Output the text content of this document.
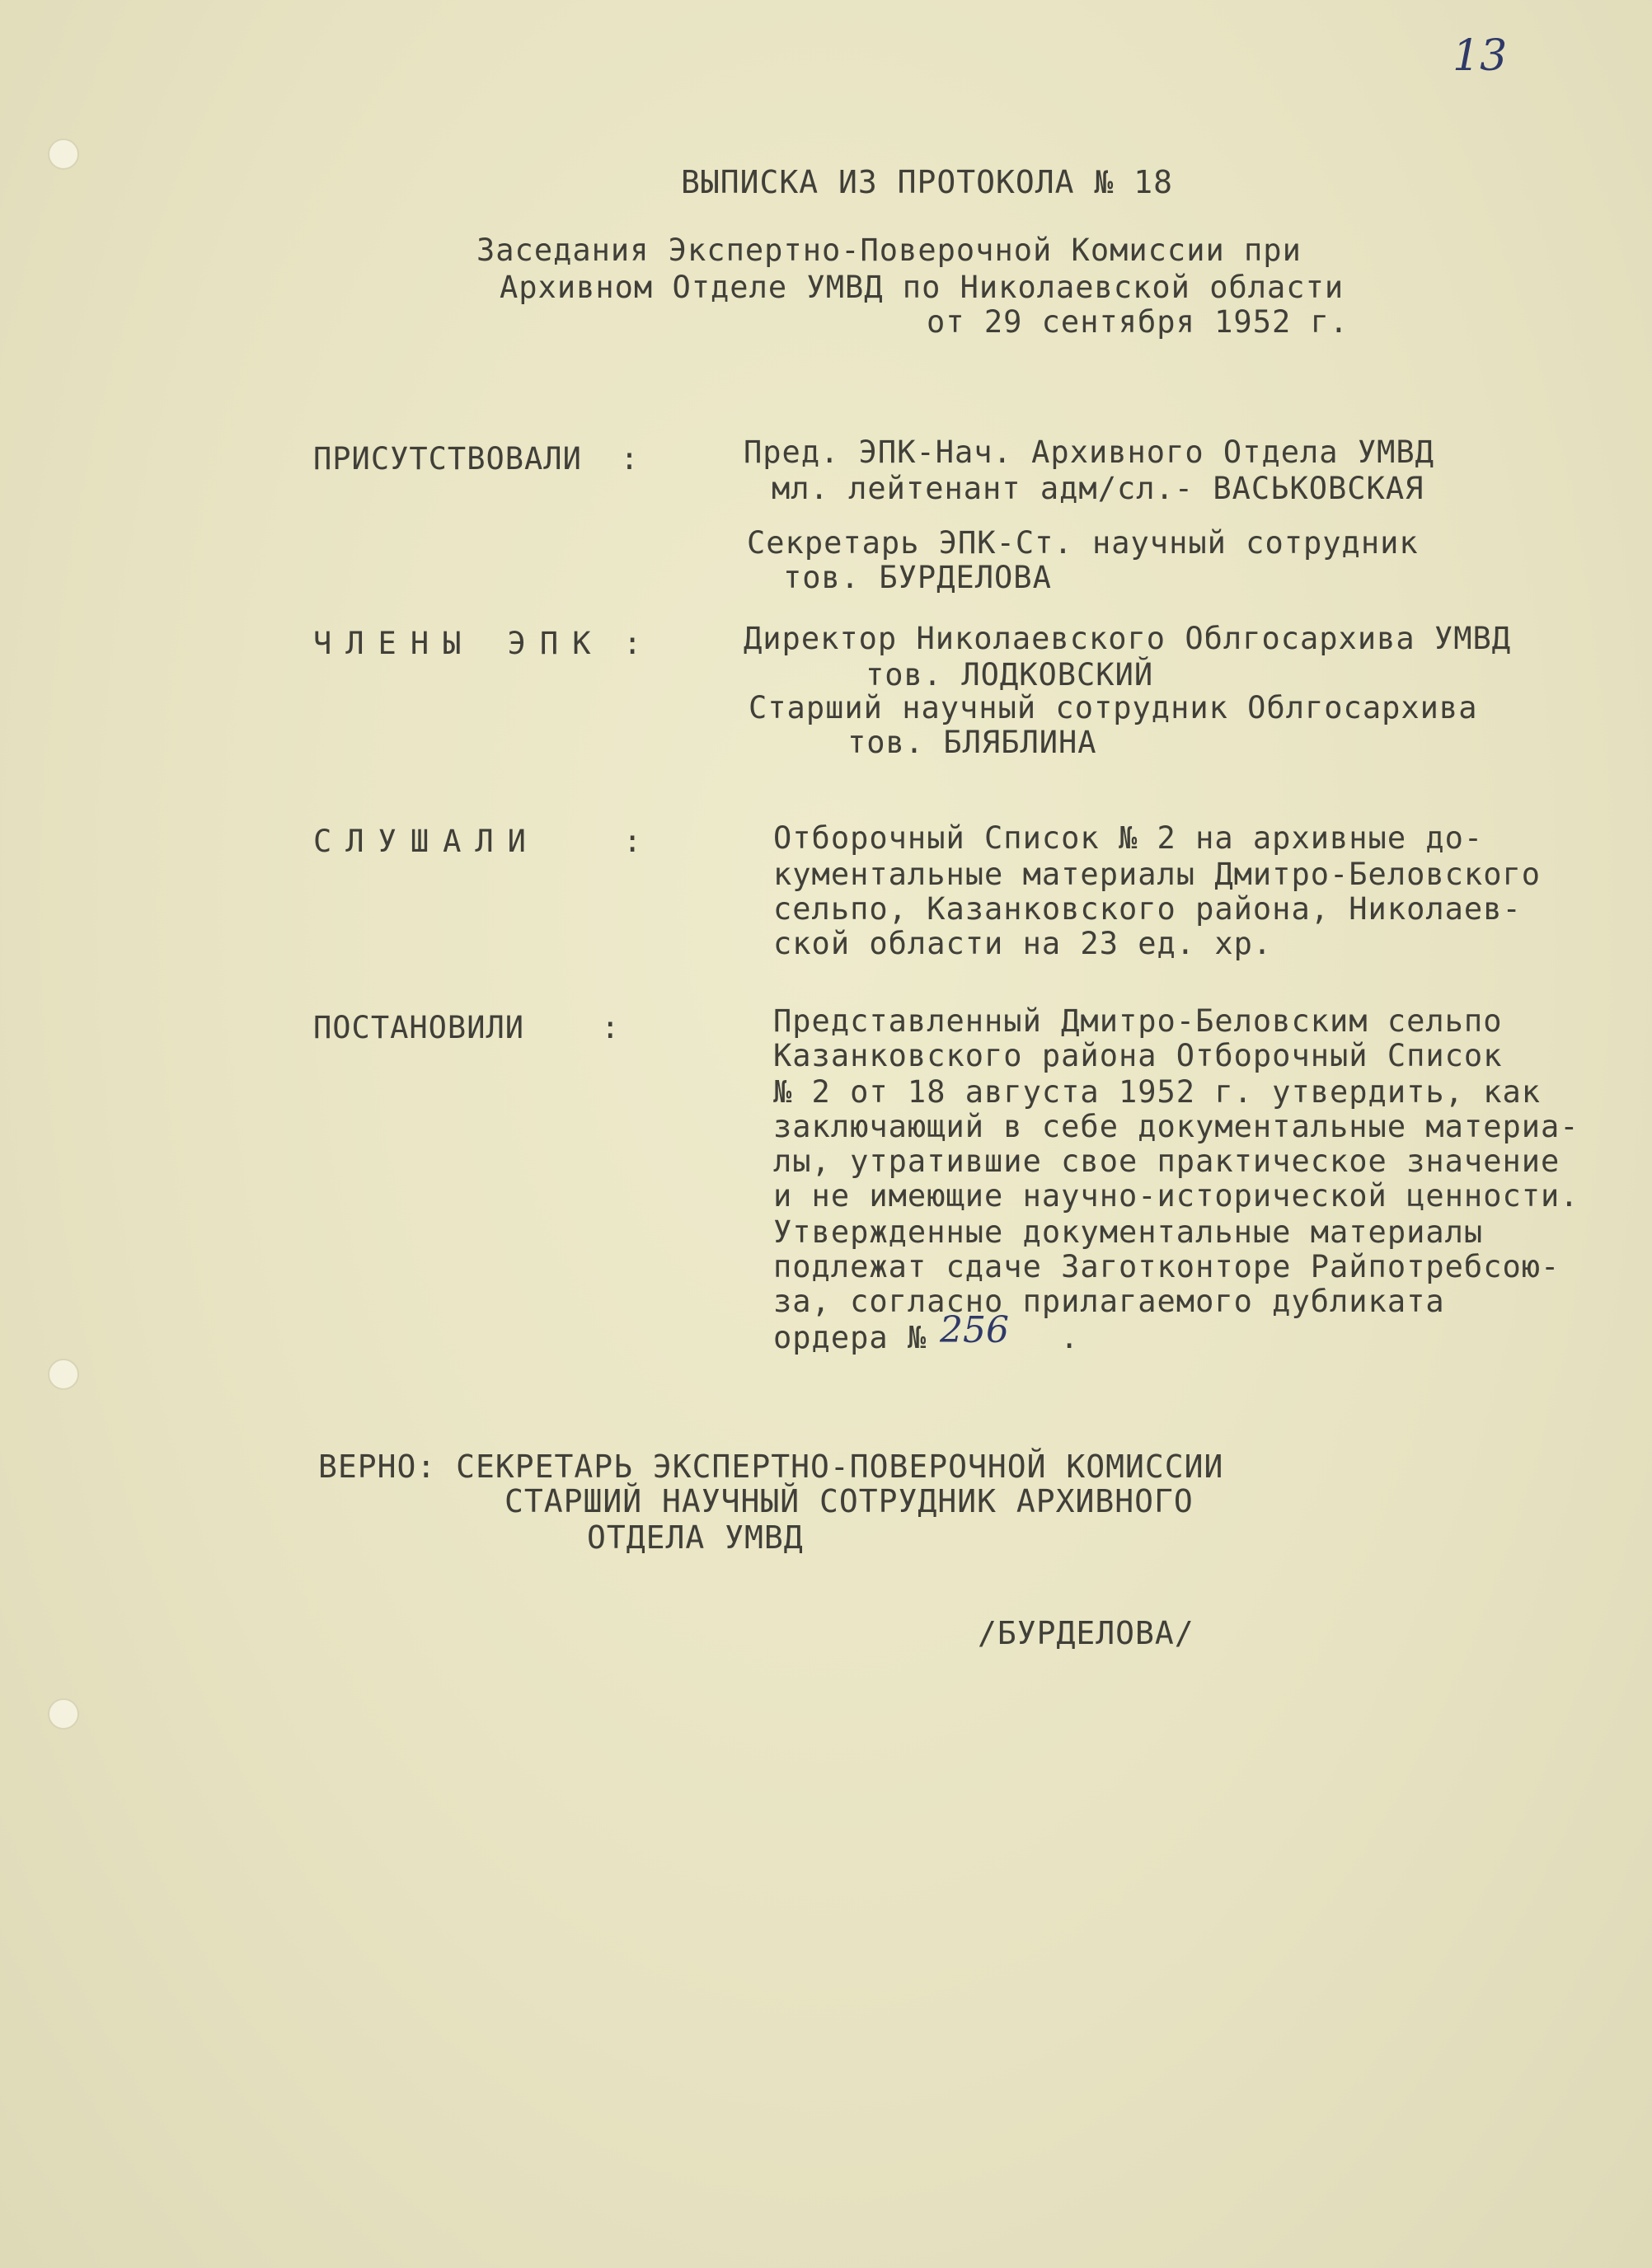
13
ВЫПИСКА ИЗ ПРОТОКОЛА № 18
Заседания Экспертно-Поверочной Комиссии при
Архивном Отделе УМВД по Николаевской области
от 29 сентября 1952 г.
ПРИСУТСТВОВАЛИ  :	Пред. ЭПК-Нач. Архивного Отдела УМВД
мл. лейтенант адм/сл.- ВАСЬКОВСКАЯ
Секретарь ЭПК-Ст. научный сотрудник
тов. БУРДЕЛОВА
ЧЛЕНЫ ЭПК :	Директор Николаевского Облгосархива УМВД
тов. ЛОДКОВСКИЙ
Старший научный сотрудник Облгосархива
тов. БЛЯБЛИНА
СЛУШАЛИ	:	Отборочный Список № 2 на архивные до-
кументальные материалы Дмитро-Беловского
сельпо, Казанковского района, Николаев-
ской области на 23 ед. хр.
ПОСТАНОВИЛИ    :	Представленный Дмитро-Беловским сельпо
Казанковского района Отборочный Список
№ 2 от 18 августа 1952 г. утвердить, как
заключающий в себе документальные материа-
лы, утратившие свое практическое значение
и не имеющие научно-исторической ценности.
Утвержденные документальные материалы
подлежат сдаче Заготконторе Райпотребсою-
за, согласно прилагаемого дубликата
ордера № 256 .
ВЕРНО: СЕКРЕТАРЬ ЭКСПЕРТНО-ПОВЕРОЧНОЙ КОМИССИИ
СТАРШИЙ НАУЧНЫЙ СОТРУДНИК АРХИВНОГО
ОТДЕЛА УМВД
/БУРДЕЛОВА/
